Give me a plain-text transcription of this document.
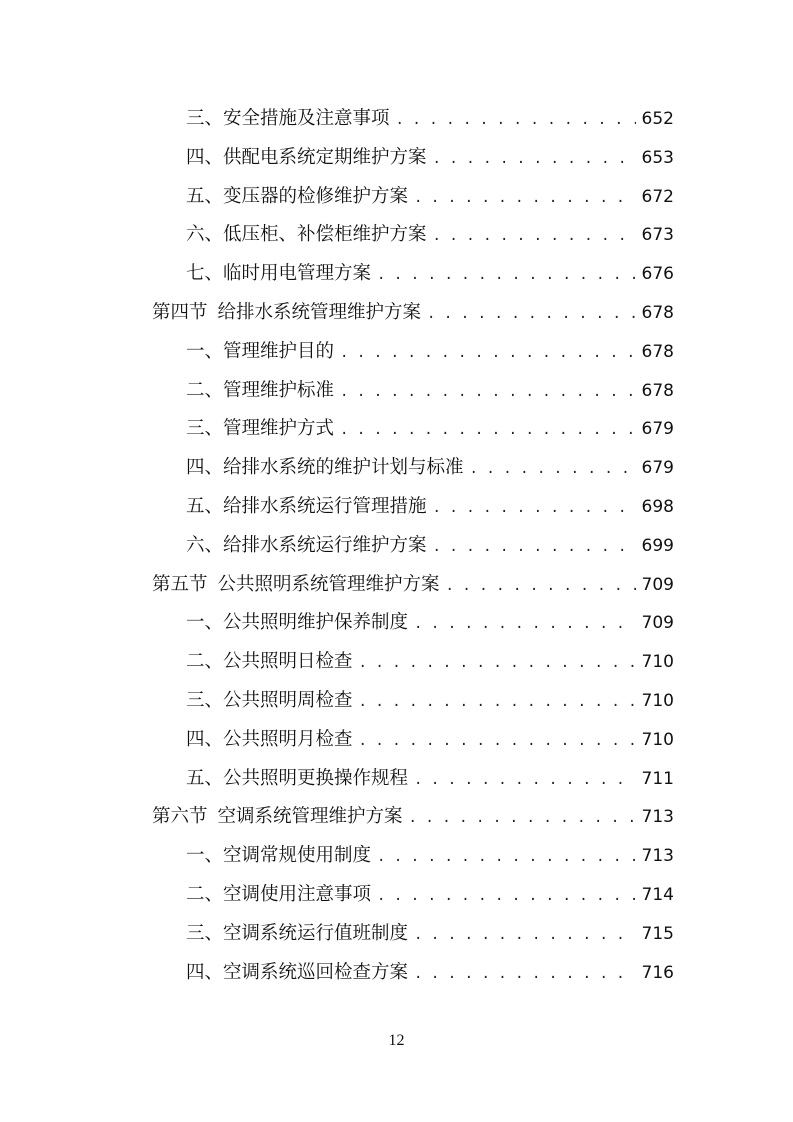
三、安全措施及注意事项 . . .	652
四、供配电系统定期维护方案 . . .	653
五、变压器的检修维护方案 . . .	672
六、低压柜、补偿柜维护方案 . . .	673
七、临时用电管理方案 . . .	676
第四节 给排水系统管理维护方案 . . .	678
一、管理维护目的 . . .	678
二、管理维护标准 . . .	678
三、管理维护方式 . . .	679
四、给排水系统的维护计划与标准 . . .	679
五、给排水系统运行管理措施 . . .	698
六、给排水系统运行维护方案 . . .	699
第五节 公共照明系统管理维护方案 . . .	709
一、公共照明维护保养制度 . . .	709
二、公共照明日检查 . . .	710
三、公共照明周检查 . . .	710
四、公共照明月检查 . . .	710
五、公共照明更换操作规程 . . .	711
第六节 空调系统管理维护方案 . . .	713
一、空调常规使用制度 . . .	713
二、空调使用注意事项 . . .	714
三、空调系统运行值班制度 . . .	715
四、空调系统巡回检查方案 . . .	716
12
